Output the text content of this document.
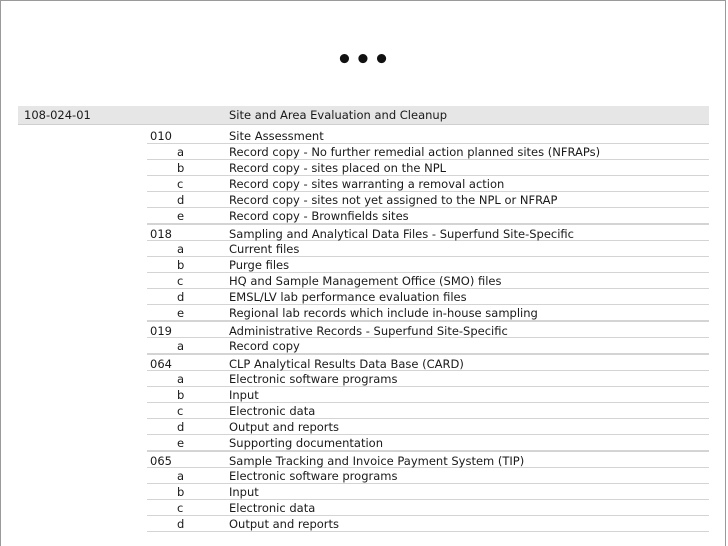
•••
108-024-01	Site and Area Evaluation and Cleanup
010	Site Assessment
a	Record copy - No further remedial action planned sites (NFRAPs)
b	Record copy - sites placed on the NPL
c	Record copy - sites warranting a removal action
d	Record copy - sites not yet assigned to the NPL or NFRAP
e	Record copy - Brownfields sites
018	Sampling and Analytical Data Files - Superfund Site-Specific
a	Current files
b	Purge files
c	HQ and Sample Management Office (SMO) files
d	EMSL/LV lab performance evaluation files
e	Regional lab records which include in-house sampling
019	Administrative Records - Superfund Site-Specific
a	Record copy
064	CLP Analytical Results Data Base (CARD)
a	Electronic software programs
b	Input
c	Electronic data
d	Output and reports
e	Supporting documentation
065	Sample Tracking and Invoice Payment System (TIP)
a	Electronic software programs
b	Input
c	Electronic data
d	Output and reports
